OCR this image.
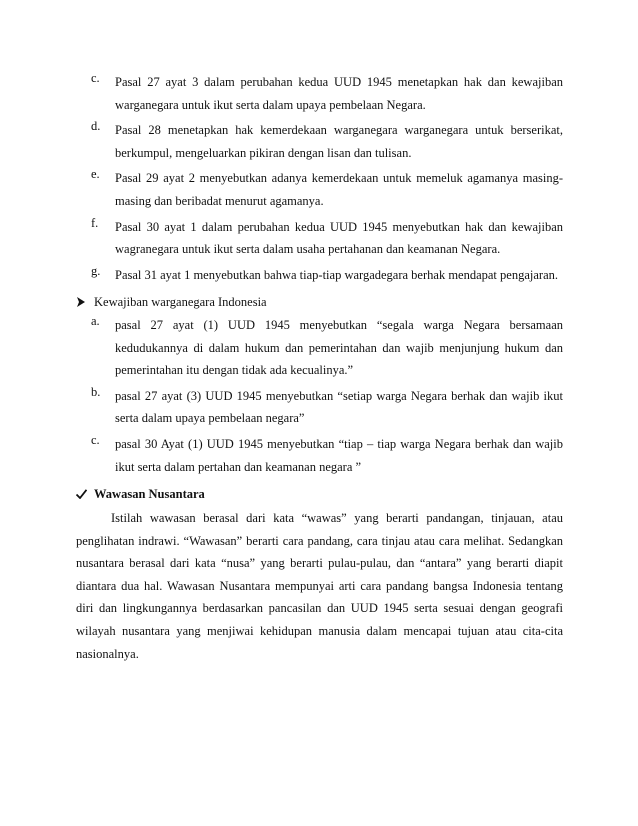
c.	Pasal 27 ayat 3 dalam perubahan kedua UUD 1945 menetapkan hak dan kewajiban warganegara untuk ikut serta dalam upaya pembelaan Negara.
d.	Pasal 28 menetapkan hak kemerdekaan warganegara warganegara untuk berserikat, berkumpul, mengeluarkan pikiran dengan lisan dan tulisan.
e.	Pasal 29 ayat 2 menyebutkan adanya kemerdekaan untuk memeluk agamanya masing-masing dan beribadat menurut agamanya.
f.	Pasal 30 ayat 1 dalam perubahan kedua UUD 1945 menyebutkan hak dan kewajiban wagranegara untuk ikut serta dalam usaha pertahanan dan keamanan Negara.
g.	Pasal 31 ayat 1 menyebutkan bahwa tiap-tiap wargadegara berhak mendapat pengajaran.
Kewajiban warganegara Indonesia
a.	pasal 27 ayat (1) UUD 1945 menyebutkan “segala warga Negara bersamaan kedudukannya di dalam hukum dan pemerintahan dan wajib menjunjung hukum dan pemerintahan itu dengan tidak ada kecualinya.”
b.	pasal 27 ayat (3) UUD 1945 menyebutkan “setiap warga Negara berhak dan wajib ikut serta dalam upaya pembelaan negara”
c.	pasal 30 Ayat (1) UUD 1945 menyebutkan “tiap – tiap warga Negara berhak dan wajib ikut serta dalam pertahan dan keamanan negara ”
Wawasan Nusantara

Istilah wawasan berasal dari kata “wawas” yang berarti pandangan, tinjauan, atau penglihatan indrawi. “Wawasan” berarti cara pandang, cara tinjau atau cara melihat. Sedangkan nusantara berasal dari kata “nusa” yang berarti pulau-pulau, dan “antara” yang berarti diapit diantara dua hal. Wawasan Nusantara mempunyai arti cara pandang bangsa Indonesia tentang diri dan lingkungannya berdasarkan pancasilan dan UUD 1945 serta sesuai dengan geografi wilayah nusantara yang menjiwai kehidupan manusia dalam mencapai tujuan atau cita-cita nasionalnya.
